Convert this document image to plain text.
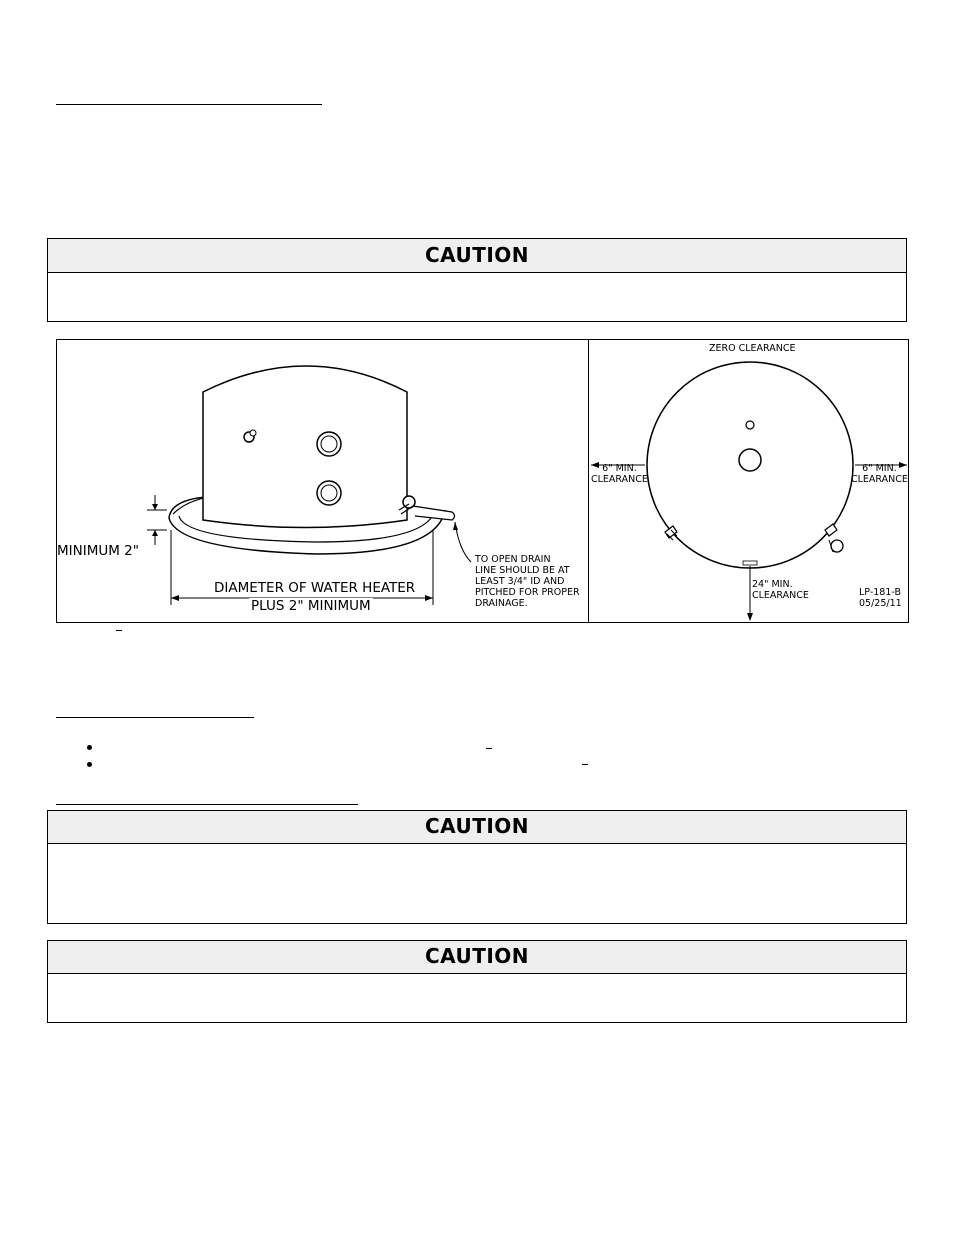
CAUTION
MINIMUM 2"
DIAMETER OF WATER HEATER
PLUS 2" MINIMUM
TO OPEN DRAIN
LINE SHOULD BE AT
LEAST 3/4" ID AND
PITCHED FOR PROPER
DRAINAGE.
ZERO CLEARANCE
6" MIN.
CLEARANCE
6" MIN.
CLEARANCE
24" MIN.
CLEARANCE	LP-181-B
05/25/11
CAUTION
CAUTION
